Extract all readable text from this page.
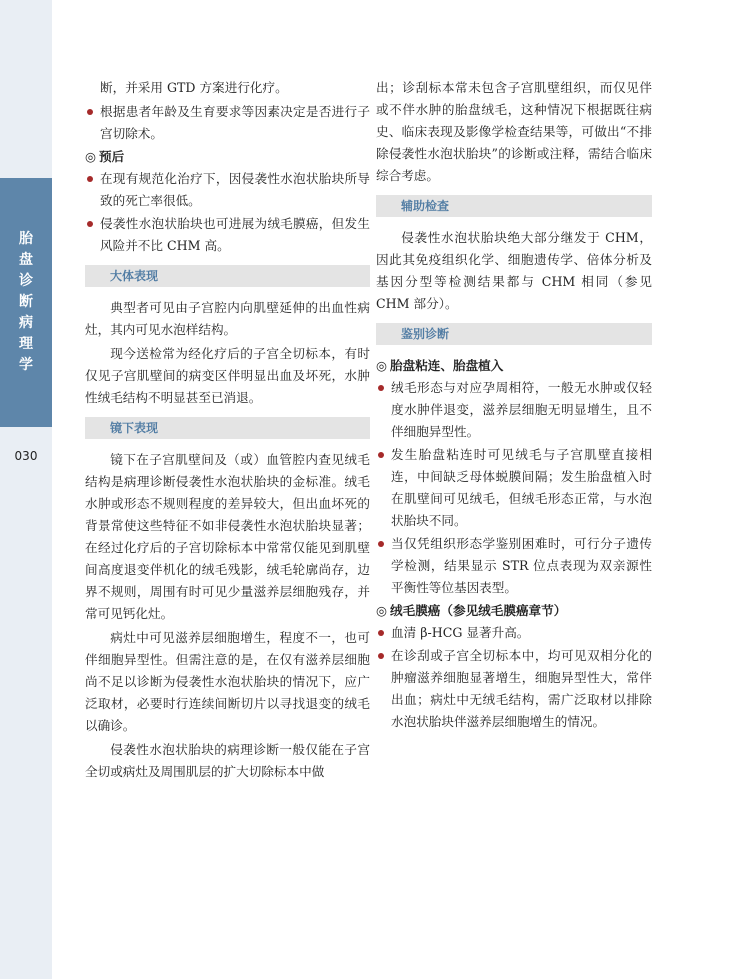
胎
盘
诊
断
病
理
学
030

断，并采用 GTD 方案进行化疗。

根据患者年龄及生育要求等因素决定是否进行子宫切除术。

◎ 预后

在现有规范化治疗下，因侵袭性水泡状胎块所导致的死亡率很低。
侵袭性水泡状胎块也可进展为绒毛膜癌，但发生风险并不比 CHM 高。
大体表现

典型者可见由子宫腔内向肌壁延伸的出血性病灶，其内可见水泡样结构。

现今送检常为经化疗后的子宫全切标本，有时仅见子宫肌壁间的病变区伴明显出血及坏死，水肿性绒毛结构不明显甚至已消退。

镜下表现

镜下在子宫肌壁间及（或）血管腔内查见绒毛结构是病理诊断侵袭性水泡状胎块的金标准。绒毛水肿或形态不规则程度的差异较大，但出血坏死的背景常使这些特征不如非侵袭性水泡状胎块显著；在经过化疗后的子宫切除标本中常常仅能见到肌壁间高度退变伴机化的绒毛残影，绒毛轮廓尚存，边界不规则，周围有时可见少量滋养层细胞残存，并常可见钙化灶。

病灶中可见滋养层细胞增生，程度不一，也可伴细胞异型性。但需注意的是，在仅有滋养层细胞尚不足以诊断为侵袭性水泡状胎块的情况下，应广泛取材，必要时行连续间断切片以寻找退变的绒毛以确诊。

侵袭性水泡状胎块的病理诊断一般仅能在子宫全切或病灶及周围肌层的扩大切除标本中做

出；诊刮标本常未包含子宫肌壁组织，而仅见伴或不伴水肿的胎盘绒毛，这种情况下根据既往病史、临床表现及影像学检查结果等，可做出“不排除侵袭性水泡状胎块”的诊断或注释，需结合临床综合考虑。

辅助检查

侵袭性水泡状胎块绝大部分继发于 CHM，因此其免疫组织化学、细胞遗传学、倍体分析及基因分型等检测结果都与 CHM 相同（参见 CHM 部分）。

鉴别诊断

◎ 胎盘粘连、胎盘植入

绒毛形态与对应孕周相符，一般无水肿或仅轻度水肿伴退变，滋养层细胞无明显增生，且不伴细胞异型性。
发生胎盘粘连时可见绒毛与子宫肌壁直接相连，中间缺乏母体蜕膜间隔；发生胎盘植入时在肌壁间可见绒毛，但绒毛形态正常，与水泡状胎块不同。
当仅凭组织形态学鉴别困难时，可行分子遗传学检测，结果显示 STR 位点表现为双亲源性平衡性等位基因表型。

◎ 绒毛膜癌（参见绒毛膜癌章节）

血清 β-HCG 显著升高。
在诊刮或子宫全切标本中，均可见双相分化的肿瘤滋养细胞显著增生，细胞异型性大，常伴出血；病灶中无绒毛结构，需广泛取材以排除水泡状胎块伴滋养层细胞增生的情况。
